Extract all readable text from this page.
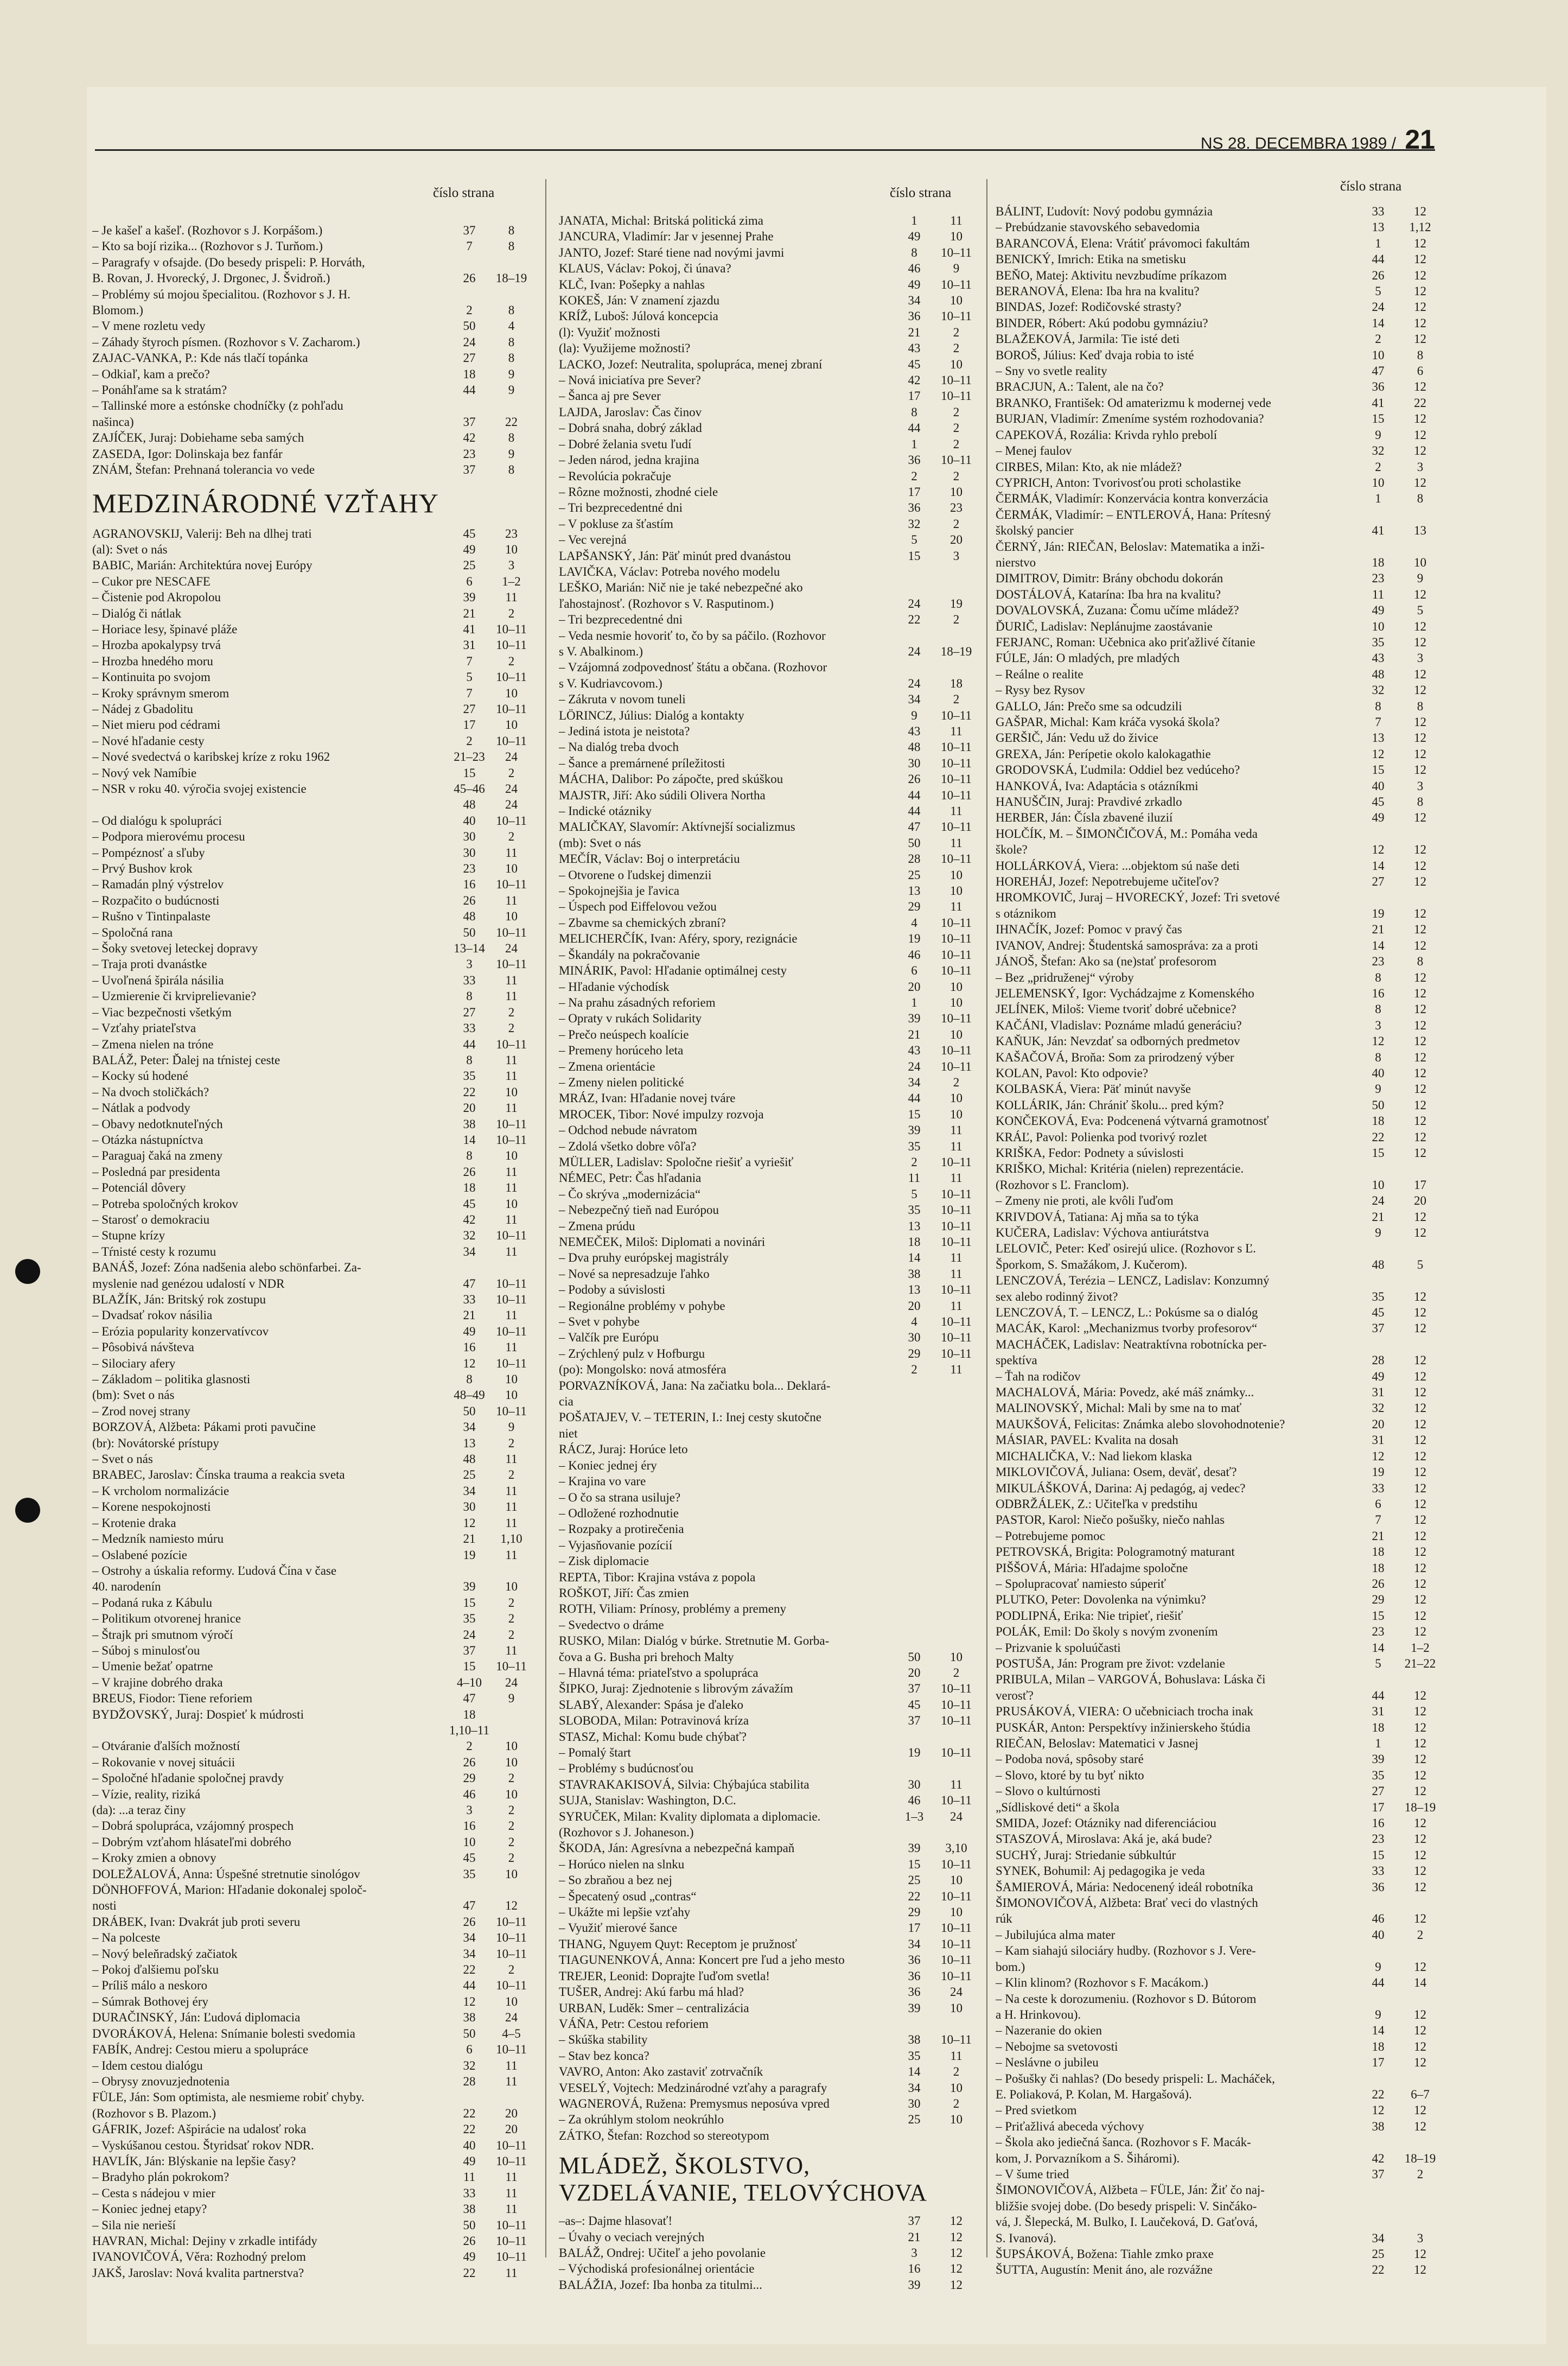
NS 28. DECEMBRA 1989 / 21
číslo strana	číslo strana	číslo strana
– Je kašeľ a kašeľ. (Rozhovor s J. Korpášom.)	37	8
– Kto sa bojí rizika... (Rozhovor s J. Turňom.)	7	8
– Paragrafy v ofsajde. (Do besedy prispeli: P. Horváth,
B. Rovan, J. Hvorecký, J. Drgonec, J. Švidroň.)	26	18–19
– Problémy sú mojou špecialitou. (Rozhovor s J. H.
Blomom.)	2	8
– V mene rozletu vedy	50	4
– Záhady štyroch písmen. (Rozhovor s V. Zacharom.)	24	8
ZAJAC-VANKA, P.: Kde nás tlačí topánka	27	8
– Odkiaľ, kam a prečo?	18	9
– Ponáhľame sa k stratám?	44	9
– Tallinské more a estónske chodníčky (z pohľadu
našinca)	37	22
ZAJÍČEK, Juraj: Dobiehame seba samých	42	8
ZASEDA, Igor: Dolinskaja bez fanfár	23	9
ZNÁM, Štefan: Prehnaná tolerancia vo vede	37	8
MEDZINÁRODNÉ VZŤAHY
AGRANOVSKIJ, Valerij: Beh na dlhej trati	45	23
(al): Svet o nás	49	10
BABIC, Marián: Architektúra novej Európy	25	3
– Cukor pre NESCAFE	6	1–2
– Čistenie pod Akropolou	39	11
– Dialóg či nátlak	21	2
– Horiace lesy, špinavé pláže	41	10–11
– Hrozba apokalypsy trvá	31	10–11
– Hrozba hnedého moru	7	2
– Kontinuita po svojom	5	10–11
– Kroky správnym smerom	7	10
– Nádej z Gbadolitu	27	10–11
– Niet mieru pod cédrami	17	10
– Nové hľadanie cesty	2	10–11
– Nové svedectvá o karibskej kríze z roku 1962	21–23	24
– Nový vek Namíbie	15	2
– NSR v roku 40. výročia svojej existencie	45–46	24
48	24
– Od dialógu k spolupráci	40	10–11
– Podpora mierovému procesu	30	2
– Pompéznosť a sľuby	30	11
– Prvý Bushov krok	23	10
– Ramadán plný výstrelov	16	10–11
– Rozpačito o budúcnosti	26	11
– Rušno v Tintinpalaste	48	10
– Spoločná rana	50	10–11
– Šoky svetovej leteckej dopravy	13–14	24
– Traja proti dvanástke	3	10–11
– Uvoľnená špirála násilia	33	11
– Uzmierenie či krviprelievanie?	8	11
– Viac bezpečnosti všetkým	27	2
– Vzťahy priateľstva	33	2
– Zmena nielen na tróne	44	10–11
BALÁŽ, Peter: Ďalej na tŕnistej ceste	8	11
– Kocky sú hodené	35	11
– Na dvoch stoličkách?	22	10
– Nátlak a podvody	20	11
– Obavy nedotknuteľných	38	10–11
– Otázka nástupníctva	14	10–11
– Paraguaj čaká na zmeny	8	10
– Posledná par presidenta	26	11
– Potenciál dôvery	18	11
– Potreba spoločných krokov	45	10
– Starosť o demokraciu	42	11
– Stupne krízy	32	10–11
– Tŕnisté cesty k rozumu	34	11
BANÁŠ, Jozef: Zóna nadšenia alebo schönfarbei. Za-
myslenie nad genézou udalostí v NDR	47	10–11
BLAŽÍK, Ján: Britský rok zostupu	33	10–11
– Dvadsať rokov násilia	21	11
– Erózia popularity konzervatívcov	49	10–11
– Pôsobivá návšteva	16	11
– Silociary afery	12	10–11
– Základom – politika glasnosti	8	10
(bm): Svet o nás	48–49	10
– Zrod novej strany	50	10–11
BORZOVÁ, Alžbeta: Pákami proti pavučine	34	9
(br): Novátorské prístupy	13	2
– Svet o nás	48	11
BRABEC, Jaroslav: Čínska trauma a reakcia sveta	25	2
– K vrcholom normalizácie	34	11
– Korene nespokojnosti	30	11
– Krotenie draka	12	11
– Medzník namiesto múru	21	1,10
– Oslabené pozície	19	11
– Ostrohy a úskalia reformy. Ľudová Čína v čase
40. narodenín	39	10
– Podaná ruka z Kábulu	15	2
– Politikum otvorenej hranice	35	2
– Štrajk pri smutnom výročí	24	2
– Súboj s minulosťou	37	11
– Umenie bežať opatrne	15	10–11
– V krajine dobrého draka	4–10	24
BREUS, Fiodor: Tiene reforiem	47	9
BYDŽOVSKÝ, Juraj: Dospieť k múdrosti	18
1,10–11
– Otváranie ďalších možností	2	10
– Rokovanie v novej situácii	26	10
– Spoločné hľadanie spoločnej pravdy	29	2
– Vízie, reality, riziká	46	10
(da): ...a teraz činy	3	2
– Dobrá spolupráca, vzájomný prospech	16	2
– Dobrým vzťahom hlásateľmi dobrého	10	2
– Kroky zmien a obnovy	45	2
DOLEŽALOVÁ, Anna: Úspešné stretnutie sinológov	35	10
DÖNHOFFOVÁ, Marion: Hľadanie dokonalej spoloč-
nosti	47	12
DRÁBEK, Ivan: Dvakrát jub proti severu	26	10–11
– Na polceste	34	10–11
– Nový beleňradský začiatok	34	10–11
– Pokoj ďalšiemu poľsku	22	2
– Príliš málo a neskoro	44	10–11
– Súmrak Bothovej éry	12	10
DURAČINSKÝ, Ján: Ľudová diplomacia	38	24
DVORÁKOVÁ, Helena: Snímanie bolesti svedomia	50	4–5
FABÍK, Andrej: Cestou mieru a spolupráce	6	10–11
– Idem cestou dialógu	32	11
– Obrysy znovuzjednotenia	28	11
FÜLE, Ján: Som optimista, ale nesmieme robiť chyby.
(Rozhovor s B. Plazom.)	22	20
GÁFRIK, Jozef: Ašpirácie na udalosť roka	22	20
– Vyskúšanou cestou. Štyridsať rokov NDR.	40	10–11
HAVLÍK, Ján: Blýskanie na lepšie časy?	49	10–11
– Bradyho plán pokrokom?	11	11
– Cesta s nádejou v mier	33	11
– Koniec jednej etapy?	38	11
– Sila nie nerieší	50	10–11
HAVRAN, Michal: Dejiny v zrkadle intifády	26	10–11
IVANOVIČOVÁ, Věra: Rozhodný prelom	49	10–11
JAKŠ, Jaroslav: Nová kvalita partnerstva?	22	11
JANATA, Michal: Britská politická zima	1	11
JANCURA, Vladimír: Jar v jesennej Prahe	49	10
JANTO, Jozef: Staré tiene nad novými javmi	8	10–11
KLAUS, Václav: Pokoj, či únava?	46	9
KLČ, Ivan: Pošepky a nahlas	49	10–11
KOKEŠ, Ján: V znamení zjazdu	34	10
KRÍŽ, Luboš: Júlová koncepcia	36	10–11
(l): Využiť možnosti	21	2
(la): Využijeme možnosti?	43	2
LACKO, Jozef: Neutralita, spolupráca, menej zbraní	45	10
– Nová iniciatíva pre Sever?	42	10–11
– Šanca aj pre Sever	17	10–11
LAJDA, Jaroslav: Čas činov	8	2
– Dobrá snaha, dobrý základ	44	2
– Dobré želania svetu ľudí	1	2
– Jeden národ, jedna krajina	36	10–11
– Revolúcia pokračuje	2	2
– Rôzne možnosti, zhodné ciele	17	10
– Tri bezprecedentné dni	36	23
– V pokluse za šťastím	32	2
– Vec verejná	5	20
LAPŠANSKÝ, Ján: Päť minút pred dvanástou	15	3
LAVIČKA, Václav: Potreba nového modelu
LEŠKO, Marián: Nič nie je také nebezpečné ako
ľahostajnosť. (Rozhovor s V. Rasputinom.)	24	19
– Tri bezprecedentné dni	22	2
– Veda nesmie hovoriť to, čo by sa páčilo. (Rozhovor
s V. Abalkinom.)	24	18–19
– Vzájomná zodpovednosť štátu a občana. (Rozhovor
s V. Kudriavcovom.)	24	18
– Zákruta v novom tuneli	34	2
LÖRINCZ, Július: Dialóg a kontakty	9	10–11
– Jediná istota je neistota?	43	11
– Na dialóg treba dvoch	48	10–11
– Šance a premárnené príležitosti	30	10–11
MÁCHA, Dalibor: Po zápočte, pred skúškou	26	10–11
MAJSTR, Jiří: Ako súdili Olivera Northa	44	10–11
– Indické otázniky	44	11
MALIČKAY, Slavomír: Aktívnejší socializmus	47	10–11
(mb): Svet o nás	50	11
MEČÍR, Václav: Boj o interpretáciu	28	10–11
– Otvorene o ľudskej dimenzii	25	10
– Spokojnejšia je ľavica	13	10
– Úspech pod Eiffelovou vežou	29	11
– Zbavme sa chemických zbraní?	4	10–11
MELICHERČÍK, Ivan: Aféry, spory, rezignácie	19	10–11
– Škandály na pokračovanie	46	10–11
MINÁRIK, Pavol: Hľadanie optimálnej cesty	6	10–11
– Hľadanie východísk	20	10
– Na prahu zásadných reforiem	1	10
– Opraty v rukách Solidarity	39	10–11
– Prečo neúspech koalície	21	10
– Premeny horúceho leta	43	10–11
– Zmena orientácie	24	10–11
– Zmeny nielen politické	34	2
MRÁZ, Ivan: Hľadanie novej tváre	44	10
MROCEK, Tibor: Nové impulzy rozvoja	15	10
– Odchod nebude návratom	39	11
– Zdolá všetko dobre vôľa?	35	11
MÜLLER, Ladislav: Spoločne riešiť a vyriešiť	2	10–11
NÉMEC, Petr: Čas hľadania	11	11
– Čo skrýva „modernizácia“	5	10–11
– Nebezpečný tieň nad Európou	35	10–11
– Zmena prúdu	13	10–11
NEMEČEK, Miloš: Diplomati a novinári	18	10–11
– Dva pruhy európskej magistrály	14	11
– Nové sa nepresadzuje ľahko	38	11
– Podoby a súvislosti	13	10–11
– Regionálne problémy v pohybe	20	11
– Svet v pohybe	4	10–11
– Valčík pre Európu	30	10–11
– Zrýchlený pulz v Hofburgu	29	10–11
(po): Mongolsko: nová atmosféra	2	11
PORVAZNÍKOVÁ, Jana: Na začiatku bola... Deklará-
cia
POŠATAJEV, V. – TETERIN, I.: Inej cesty skutočne
niet
RÁCZ, Juraj: Horúce leto
– Koniec jednej éry
– Krajina vo vare
– O čo sa strana usiluje?
– Odložené rozhodnutie
– Rozpaky a protirečenia
– Vyjasňovanie pozícií
– Zisk diplomacie
REPTA, Tibor: Krajina vstáva z popola
ROŠKOT, Jiří: Čas zmien
ROTH, Viliam: Prínosy, problémy a premeny
– Svedectvo o dráme
RUSKO, Milan: Dialóg v búrke. Stretnutie M. Gorba-
čova a G. Busha pri brehoch Malty	50	10
– Hlavná téma: priateľstvo a spolupráca	20	2
ŠIPKO, Juraj: Zjednotenie s librovým závažím	37	10–11
SLABÝ, Alexander: Spása je ďaleko	45	10–11
SLOBODA, Milan: Potravinová kríza	37	10–11
STASZ, Michal: Komu bude chýbať?
– Pomalý štart	19	10–11
– Problémy s budúcnosťou
STAVRAKAKISOVÁ, Silvia: Chýbajúca stabilita	30	11
SUJA, Stanislav: Washington, D.C.	46	10–11
SYRUČEK, Milan: Kvality diplomata a diplomacie.	1–3	24
(Rozhovor s J. Johaneson.)
ŠKODA, Ján: Agresívna a nebezpečná kampaň	39	3,10
– Horúco nielen na slnku	15	10–11
– So zbraňou a bez nej	25	10
– Špecatený osud „contras“	22	10–11
– Ukážte mi lepšie vzťahy	29	10
– Využiť mierové šance	17	10–11
THANG, Nguyem Quyt: Receptom je pružnosť	34	10–11
TIAGUNENKOVÁ, Anna: Koncert pre ľud a jeho mesto	36	10–11
TREJER, Leonid: Doprajte ľuďom svetla!	36	10–11
TUŠER, Andrej: Akú farbu má hlad?	36	24
URBAN, Luděk: Smer – centralizácia	39	10
VÁŇA, Petr: Cestou reforiem
– Skúška stability	38	10–11
– Stav bez konca?	35	11
VAVRO, Anton: Ako zastaviť zotrvačník	14	2
VESELÝ, Vojtech: Medzinárodné vzťahy a paragrafy	34	10
WAGNEROVÁ, Ruženа: Premysmus neposúva vpred	30	2
– Za okrúhlym stolom neokrúhlo	25	10
ZÁTKO, Štefan: Rozchod so stereotypom
MLÁDEŽ, ŠKOLSTVO, VZDELÁVANIE, TELOVÝCHOVA
–as–: Dajme hlasovať!	37	12
– Úvahy o veciach verejných	21	12
BALÁŽ, Ondrej: Učiteľ a jeho povolanie	3	12
– Východiská profesionálnej orientácie	16	12
BALÁŽIA, Jozef: Iba honba za titulmi...	39	12
BÁLINT, Ľudovít: Nový podobu gymnázia	33	12
– Prebúdzanie stavovského sebavedomia	13	1,12
BARANCOVÁ, Elena: Vrátiť právomoci fakultám	1	12
BENICKÝ, Imrich: Etika na smetisku	44	12
BEŇO, Matej: Aktivitu nevzbudíme príkazom	26	12
BERANOVÁ, Elena: Iba hra na kvalitu?	5	12
BINDAS, Jozef: Rodičovské strasty?	24	12
BINDER, Róbert: Akú podobu gymnáziu?	14	12
BLAŽEKOVÁ, Jarmila: Tie isté deti	2	12
BOROŠ, Július: Keď dvaja robia to isté	10	8
– Sny vo svetle reality	47	6
BRACJUN, A.: Talent, ale na čo?	36	12
BRANKO, František: Od amaterizmu k modernej vede	41	22
BURJAN, Vladimír: Zmeníme systém rozhodovania?	15	12
CAPEKOVÁ, Rozália: Krivda ryhlo prebolí	9	12
– Menej faulov	32	12
CIRBES, Milan: Kto, ak nie mládež?	2	3
CYPRICH, Anton: Tvorivosťou proti scholastike	10	12
ČERMÁK, Vladimír: Konzervácia kontra konverzácia	1	8
ČERMÁK, Vladimír: – ENTLEROVÁ, Hana: Prítesný
školský pancier	41	13
ČERNÝ, Ján: RIEČAN, Beloslav: Matematika a inži-
nierstvo	18	10
DIMITROV, Dimitr: Brány obchodu dokorán	23	9
DOSTÁLOVÁ, Katarína: Iba hra na kvalitu?	11	12
DOVALOVSKÁ, Zuzana: Čomu učíme mládež?	49	5
ĎURIČ, Ladislav: Neplánujme zaostávanie	10	12
FERJANC, Roman: Učebnica ako priťažlivé čítanie	35	12
FÚLE, Ján: O mladých, pre mladých	43	3
– Reálne o realite	48	12
– Rysy bez Rysov	32	12
GALLO, Ján: Prečo sme sa odcudzili	8	8
GAŠPAR, Michal: Kam kráča vysoká škola?	7	12
GERŠIČ, Ján: Vedu už do živice	13	12
GREXA, Ján: Perípetie okolo kalokagathie	12	12
GRODOVSKÁ, Ľudmila: Oddiel bez vedúceho?	15	12
HANKOVÁ, Iva: Adaptácia s otázníkmi	40	3
HANUŠČIN, Juraj: Pravdivé zrkadlo	45	8
HERBER, Ján: Čísla zbavené iluzií	49	12
HOLČÍK, M. – ŠIMONČIČOVÁ, M.: Pomáha veda
škole?	12	12
HOLLÁRKOVÁ, Viera: ...objektom sú naše deti	14	12
HOREHÁJ, Jozef: Nepotrebujeme učiteľov?	27	12
HROMKOVIČ, Juraj – HVORECKÝ, Jozef: Tri svetové
s otáznikom	19	12
IHNAČÍK, Jozef: Pomoc v pravý čas	21	12
IVANOV, Andrej: Študentská samospráva: za a proti	14	12
JÁNOŠ, Štefan: Ako sa (ne)stať profesorom	23	8
– Bez „pridruženej“ výroby	8	12
JELEMENSKÝ, Igor: Vychádzajme z Komenského	16	12
JELÍNEK, Miloš: Vieme tvoriť dobré učebnice?	8	12
KAČÁNI, Vladislav: Poznáme mladú generáciu?	3	12
KAŇUK, Ján: Nevzdať sa odborných predmetov	12	12
KAŠAČOVÁ, Broňa: Som za prirodzený výber	8	12
KOLAN, Pavol: Kto odpovie?	40	12
KOLBASKÁ, Viera: Päť minút navyše	9	12
KOLLÁRIK, Ján: Chrániť školu... pred kým?	50	12
KONČEKOVÁ, Eva: Podcenená výtvarná gramotnosť	18	12
KRÁĽ, Pavol: Polienka pod tvorivý rozlet	22	12
KRIŠKA, Fedor: Podnety a súvislosti	15	12
KRIŠKO, Michal: Kritéria (nielen) reprezentácie.
(Rozhovor s Ľ. Franclom).	10	17
– Zmeny nie proti, ale kvôli ľuďom	24	20
KRIVDOVÁ, Tatiana: Aj mňa sa to týka	21	12
KUČERA, Ladislav: Výchova antiurátstva	9	12
LELOVIČ, Peter: Keď osirejú ulice. (Rozhovor s Ľ.
Šporkom, S. Smažákom, J. Kučerom).	48	5
LENCZOVÁ, Terézia – LENCZ, Ladislav: Konzumný
sex alebo rodinný život?	35	12
LENCZOVÁ, T. – LENCZ, L.: Pokúsme sa o dialóg	45	12
MACÁK, Karol: „Mechanizmus tvorby profesorov“	37	12
MACHÁČEK, Ladislav: Neatraktívna robotnícka per-
spektíva	28	12
– Ťah na rodičov	49	12
MACHALOVÁ, Mária: Povedz, aké máš známky...	31	12
MALINOVSKÝ, Michal: Mali by sme na to mať	32	12
MAUKŠOVÁ, Felicitas: Známka alebo slovohodnotenie?	20	12
MÁSIAR, PAVEL: Kvalita na dosah	31	12
MICHALIČKA, V.: Nad liekom klaska	12	12
MIKLOVIČOVÁ, Juliana: Osem, deväť, desať?	19	12
MIKULÁŠKOVÁ, Darina: Aj pedagóg, aj vedec?	33	12
ODBRŽÁLEK, Z.: Učiteľka v predstihu	6	12
PASTOR, Karol: Niečo pošušky, niečo nahlas	7	12
– Potrebujeme pomoc	21	12
PETROVSKÁ, Brigita: Pologramotný maturant	18	12
PIŠŠOVÁ, Mária: Hľadajme spoločne	18	12
– Spolupracovať namiesto súperiť	26	12
PLUTKO, Peter: Dovolenka na výnimku?	29	12
PODLIPNÁ, Erika: Nie tripieť, riešiť	15	12
POLÁK, Emil: Do školy s novým zvonením	23	12
– Prizvanie k spoluúčasti	14	1–2
POSTUŠA, Ján: Program pre život: vzdelanie	5	21–22
PRIBULA, Milan – VARGOVÁ, Bohuslava: Láska či
verosť?	44	12
PRUSÁKOVÁ, VIERA: O učebniciach trocha inak	31	12
PUSKÁR, Anton: Perspektívy inžinierskeho štúdia	18	12
RIEČAN, Beloslav: Matematici v Jasnej	1	12
– Podoba nová, spôsoby staré	39	12
– Slovo, ktoré by tu byť nikto	35	12
– Slovo o kultúrnosti	27	12
„Sídliskové deti“ a škola	17	18–19
SMIDA, Jozef: Otázniky nad diferenciáciou	16	12
STASZOVÁ, Miroslava: Aká je, aká bude?	23	12
SUCHÝ, Juraj: Striedanie súbkultúr	15	12
SYNEK, Bohumil: Aj pedagogika je veda	33	12
ŠAMIEROVÁ, Mária: Nedocenený ideál robotníka	36	12
ŠIMONOVIČOVÁ, Alžbeta: Brať veci do vlastných
rúk	46	12
– Jubilujúca alma mater	40	2
– Kam siahajú silociáry hudby. (Rozhovor s J. Vere-
bom.)	9	12
– Klin klinom? (Rozhovor s F. Macákom.)	44	14
– Na ceste k dorozumeniu. (Rozhovor s D. Bútorom
a H. Hrinkovou).	9	12
– Nazeranie do okien	14	12
– Nebojme sa svetovosti	18	12
– Neslávne o jubileu	17	12
– Pošušky či nahlas? (Do besedy prispeli: L. Macháček,
E. Poliaková, P. Kolan, M. Hargašová).	22	6–7
– Pred svietkom	12	12
– Priťažlivá abeceda výchovy	38	12
– Škola ako jediečná šanca. (Rozhovor s F. Macák-
kom, J. Porvazníkom a S. Šiháromi).	42	18–19
– V šume tried	37	2
ŠIMONOVIČOVÁ, Alžbeta – FÜLE, Ján: Žiť čo naj-
bližšie svojej dobe. (Do besedy prispeli: V. Sinčáko-
vá, J. Šlepecká, M. Bulko, I. Laučeková, D. Gaťová,
S. Ivanová).	34	3
ŠUPSÁKOVÁ, Božena: Tiahle zmko praxe	25	12
ŠUTTA, Augustín: Menit áno, ale rozvážne	22	12
